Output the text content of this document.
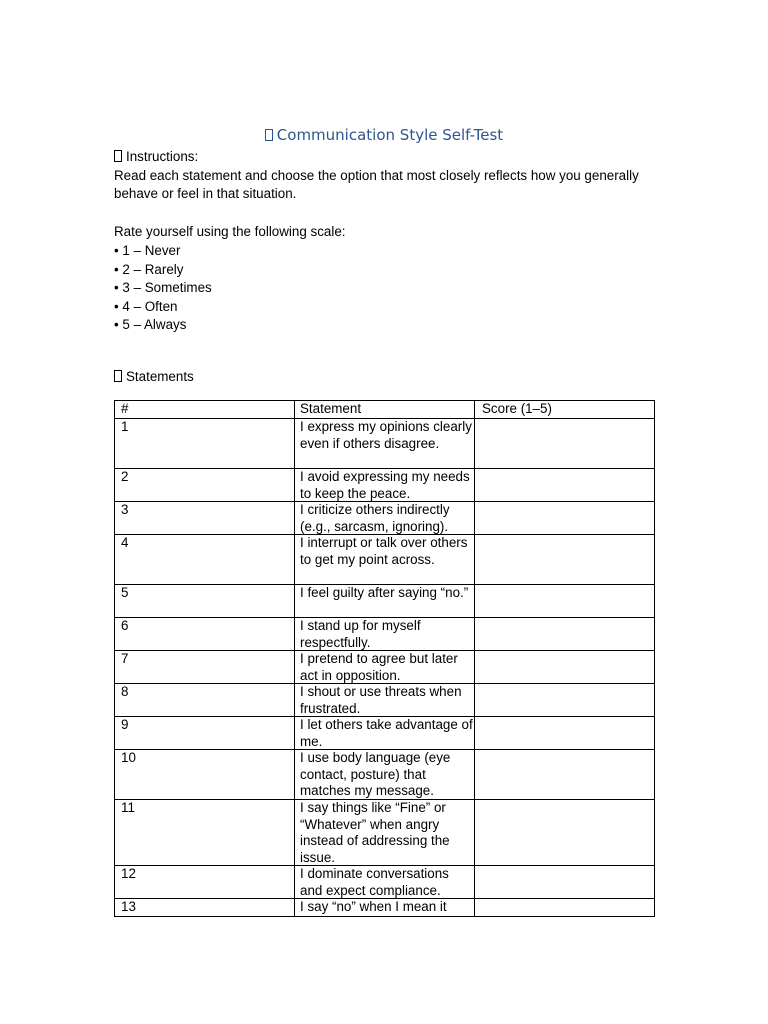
Communication Style Self-Test
Instructions:
Read each statement and choose the option that most closely reflects how you generally behave or feel in that situation.
Rate yourself using the following scale:
• 1 – Never
• 2 – Rarely
• 3 – Sometimes
• 4 – Often
• 5 – Always
Statements
#	Statement	Score (1–5)
1	I express my opinions clearly even if others disagree.
2	I avoid expressing my needs to keep the peace.
3	I criticize others indirectly (e.g., sarcasm, ignoring).
4	I interrupt or talk over others to get my point across.
5	I feel guilty after saying “no.”
6	I stand up for myself respectfully.
7	I pretend to agree but later act in opposition.
8	I shout or use threats when frustrated.
9	I let others take advantage of me.
10	I use body language (eye contact, posture) that matches my message.
11	I say things like “Fine” or “Whatever” when angry instead of addressing the issue.
12	I dominate conversations and expect compliance.
13	I say “no” when I mean it
